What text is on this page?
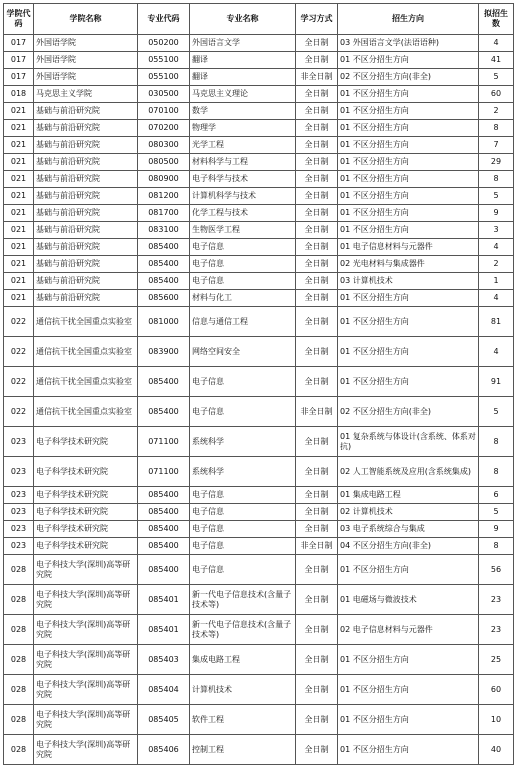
学院代码	学院名称	专业代码	专业名称	学习方式	招生方向	拟招生数
017	外国语学院	050200	外国语言文学	全日制	03 外国语言文学(法语语种)	4
017	外国语学院	055100	翻译	全日制	01 不区分招生方向	41
017	外国语学院	055100	翻译	非全日制	02 不区分招生方向(非全)	5
018	马克思主义学院	030500	马克思主义理论	全日制	01 不区分招生方向	60
021	基础与前沿研究院	070100	数学	全日制	01 不区分招生方向	2
021	基础与前沿研究院	070200	物理学	全日制	01 不区分招生方向	8
021	基础与前沿研究院	080300	光学工程	全日制	01 不区分招生方向	7
021	基础与前沿研究院	080500	材料科学与工程	全日制	01 不区分招生方向	29
021	基础与前沿研究院	080900	电子科学与技术	全日制	01 不区分招生方向	8
021	基础与前沿研究院	081200	计算机科学与技术	全日制	01 不区分招生方向	5
021	基础与前沿研究院	081700	化学工程与技术	全日制	01 不区分招生方向	9
021	基础与前沿研究院	083100	生物医学工程	全日制	01 不区分招生方向	3
021	基础与前沿研究院	085400	电子信息	全日制	01 电子信息材料与元器件	4
021	基础与前沿研究院	085400	电子信息	全日制	02 光电材料与集成器件	2
021	基础与前沿研究院	085400	电子信息	全日制	03 计算机技术	1
021	基础与前沿研究院	085600	材料与化工	全日制	01 不区分招生方向	4
022	通信抗干扰全国重点实验室	081000	信息与通信工程	全日制	01 不区分招生方向	81
022	通信抗干扰全国重点实验室	083900	网络空间安全	全日制	01 不区分招生方向	4
022	通信抗干扰全国重点实验室	085400	电子信息	全日制	01 不区分招生方向	91
022	通信抗干扰全国重点实验室	085400	电子信息	非全日制	02 不区分招生方向(非全)	5
023	电子科学技术研究院	071100	系统科学	全日制	01 复杂系统与体设计(含系统、体系对抗)	8
023	电子科学技术研究院	071100	系统科学	全日制	02 人工智能系统及应用(含系统集成)	8
023	电子科学技术研究院	085400	电子信息	全日制	01 集成电路工程	6
023	电子科学技术研究院	085400	电子信息	全日制	02 计算机技术	5
023	电子科学技术研究院	085400	电子信息	全日制	03 电子系统综合与集成	9
023	电子科学技术研究院	085400	电子信息	非全日制	04 不区分招生方向(非全)	8
028	电子科技大学(深圳)高等研究院	085400	电子信息	全日制	01 不区分招生方向	56
028	电子科技大学(深圳)高等研究院	085401	新一代电子信息技术(含量子技术等)	全日制	01 电磁场与微波技术	23
028	电子科技大学(深圳)高等研究院	085401	新一代电子信息技术(含量子技术等)	全日制	02 电子信息材料与元器件	23
028	电子科技大学(深圳)高等研究院	085403	集成电路工程	全日制	01 不区分招生方向	25
028	电子科技大学(深圳)高等研究院	085404	计算机技术	全日制	01 不区分招生方向	60
028	电子科技大学(深圳)高等研究院	085405	软件工程	全日制	01 不区分招生方向	10
028	电子科技大学(深圳)高等研究院	085406	控制工程	全日制	01 不区分招生方向	40
